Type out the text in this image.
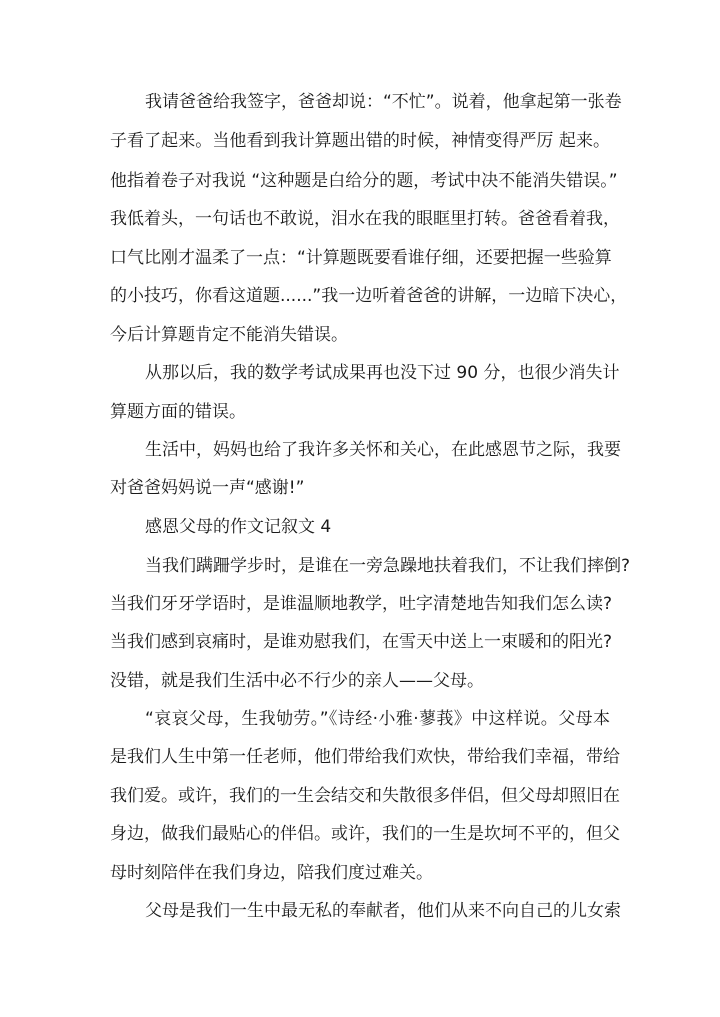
我请爸爸给我签字，爸爸却说：“不忙”。说着，他拿起第一张卷

子看了起来。当他看到我计算题出错的时候，神情变得严厉 起来。

他指着卷子对我说 “这种题是白给分的题，考试中决不能消失错误。”

我低着头，一句话也不敢说，泪水在我的眼眶里打转。爸爸看着我，

口气比刚才温柔了一点：“计算题既要看谁仔细，还要把握一些验算

的小技巧，你看这道题......”我一边听着爸爸的讲解，一边暗下决心，

今后计算题肯定不能消失错误。

从那以后，我的数学考试成果再也没下过 90 分，也很少消失计

算题方面的错误。

生活中，妈妈也给了我许多关怀和关心，在此感恩节之际，我要

对爸爸妈妈说一声“感谢!”

感恩父母的作文记叙文 4

当我们蹒跚学步时，是谁在一旁急躁地扶着我们，不让我们摔倒?

当我们牙牙学语时，是谁温顺地教学，吐字清楚地告知我们怎么读?

当我们感到哀痛时，是谁劝慰我们，在雪天中送上一束暖和的阳光?

没错，就是我们生活中必不行少的亲人——父母。

“哀哀父母，生我劬劳。”《诗经·小雅·蓼莪》中这样说。父母本

是我们人生中第一任老师，他们带给我们欢快，带给我们幸福，带给

我们爱。或许，我们的一生会结交和失散很多伴侣，但父母却照旧在

身边，做我们最贴心的伴侣。或许，我们的一生是坎坷不平的，但父

母时刻陪伴在我们身边，陪我们度过难关。

父母是我们一生中最无私的奉献者，他们从来不向自己的儿女索
